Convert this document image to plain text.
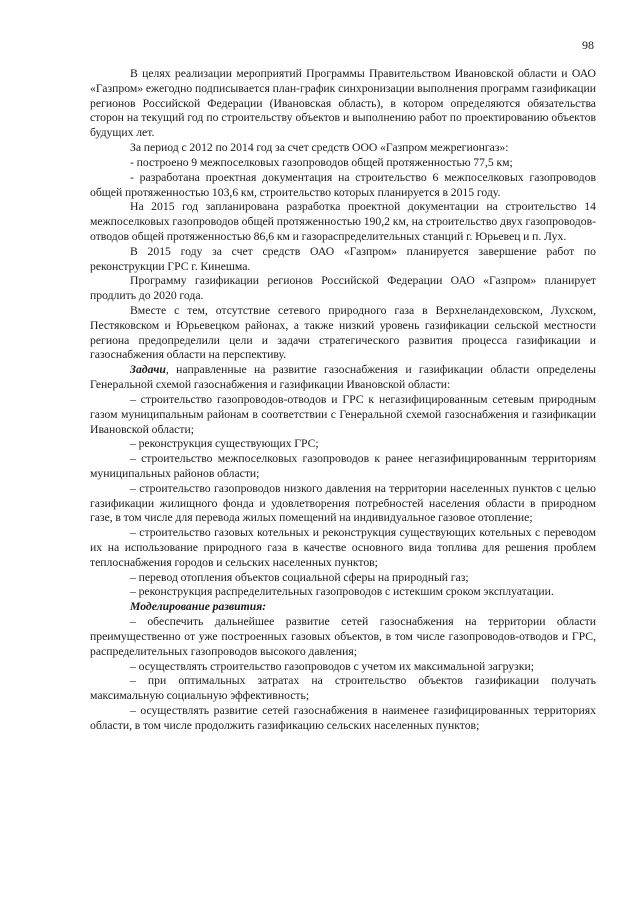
98

В целях реализации мероприятий Программы Правительством Ивановской области и ОАО «Газпром» ежегодно подписывается план-график синхронизации выполнения программ газификации регионов Российской Федерации (Ивановская область), в котором определяются обязательства сторон на текущий год по строительству объектов и выполнению работ по проектированию объектов будущих лет.

За период с 2012 по 2014 год за счет средств ООО «Газпром межрегионгаз»:

- построено 9 межпоселковых газопроводов общей протяженностью 77,5 км;

- разработана проектная документация на строительство 6 межпоселковых газопроводов общей протяженностью 103,6 км, строительство которых планируется в 2015 году.

На 2015 год запланирована разработка проектной документации на строительство 14 межпоселковых газопроводов общей протяженностью 190,2 км, на строительство двух газопроводов-отводов общей протяженностью 86,6 км и газораспределительных станций г. Юрьевец и п. Лух.

В 2015 году за счет средств ОАО «Газпром» планируется завершение работ по реконструкции ГРС г. Кинешма.

Программу газификации регионов Российской Федерации ОАО «Газпром» планирует продлить до 2020 года.

Вместе с тем, отсутствие сетевого природного газа в Верхнеландеховском, Лухском, Пестяковском и Юрьевецком районах, а также низкий уровень газификации сельской местности региона предопределили цели и задачи стратегического развития процесса газификации и газоснабжения области на перспективу.

Задачи, направленные на развитие газоснабжения и газификации области определены Генеральной схемой газоснабжения и газификации Ивановской области:

– строительство газопроводов-отводов и ГРС к негазифицированным сетевым природным газом муниципальным районам в соответствии с Генеральной схемой газоснабжения и газификации Ивановской области;

– реконструкция существующих ГРС;

– строительство межпоселковых газопроводов к ранее негазифицированным территориям муниципальных районов области;

– строительство газопроводов низкого давления на территории населенных пунктов с целью газификации жилищного фонда и удовлетворения потребностей населения области в природном газе, в том числе для перевода жилых помещений на индивидуальное газовое отопление;

– строительство газовых котельных и реконструкция существующих котельных с переводом их на использование природного газа в качестве основного вида топлива для решения проблем теплоснабжения городов и сельских населенных пунктов;

– перевод отопления объектов социальной сферы на природный газ;

– реконструкция распределительных газопроводов с истекшим сроком эксплуатации.

Моделирование развития:

– обеспечить дальнейшее развитие сетей газоснабжения на территории области преимущественно от уже построенных газовых объектов, в том числе газопроводов-отводов и ГРС, распределительных газопроводов высокого давления;

– осуществлять строительство газопроводов с учетом их максимальной загрузки;

– при оптимальных затратах на строительство объектов газификации получать максимальную социальную эффективность;

– осуществлять развитие сетей газоснабжения в наименее газифицированных территориях области, в том числе продолжить газификацию сельских населенных пунктов;
